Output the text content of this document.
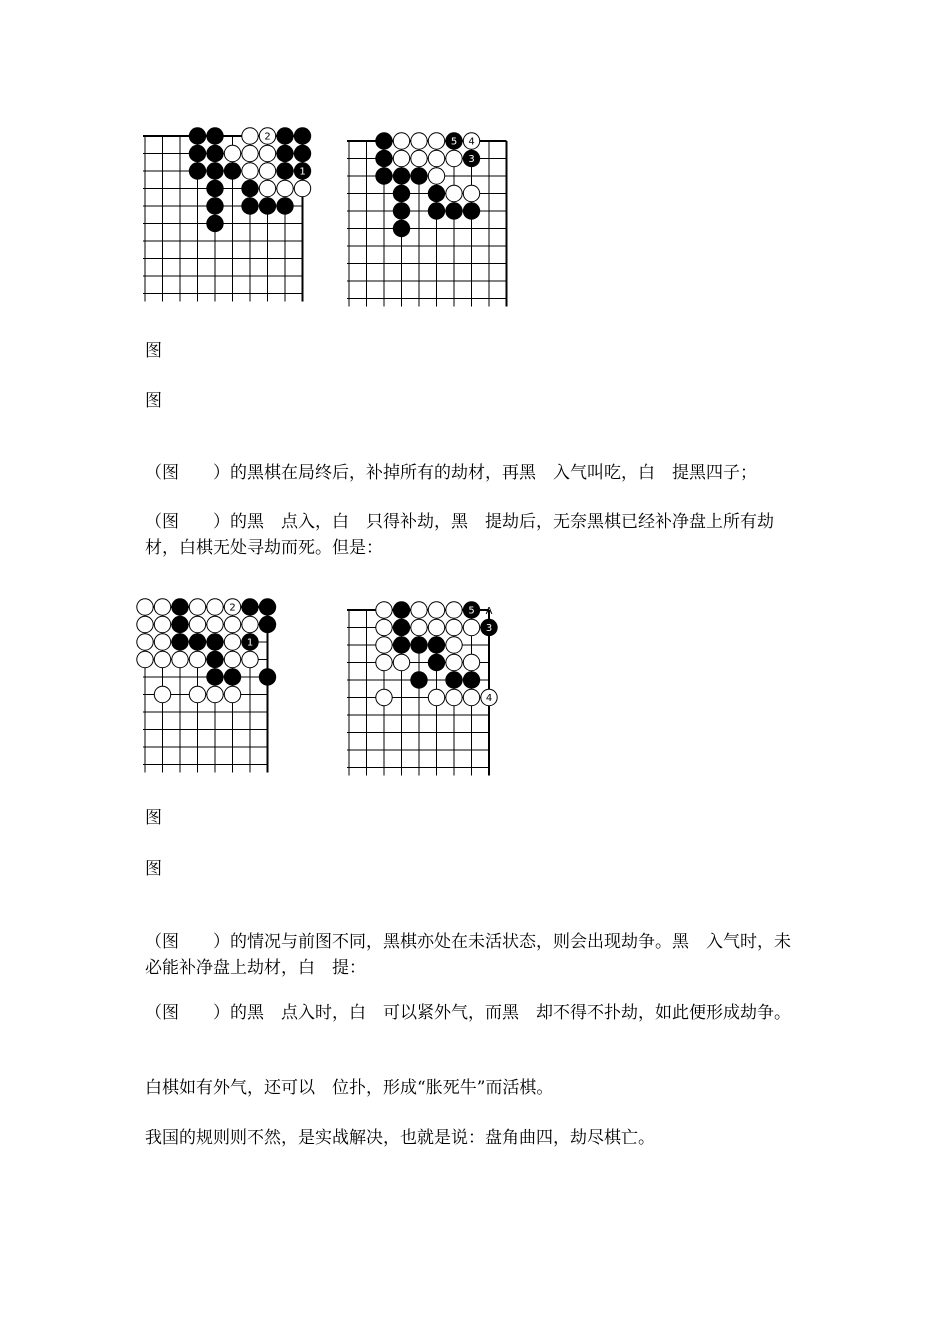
2
1
5 4
3

图

图

（图　　）的黑棋在局终后，补掉所有的劫材，再黑　入气叫吃，白　提黑四子；

（图　　）的黑　点入，白　只得补劫，黑　提劫后，无奈黑棋已经补净盘上所有劫材，白棋无处寻劫而死。但是：

2
1
5 A
3
4

图

图

（图　　）的情况与前图不同，黑棋亦处在未活状态，则会出现劫争。黑　入气时，未必能补净盘上劫材，白　提：

（图　　）的黑　点入时，白　可以紧外气，而黑　却不得不扑劫，如此便形成劫争。

白棋如有外气，还可以　位扑，形成“胀死牛”而活棋。

我国的规则则不然，是实战解决，也就是说：盘角曲四，劫尽棋亡。
